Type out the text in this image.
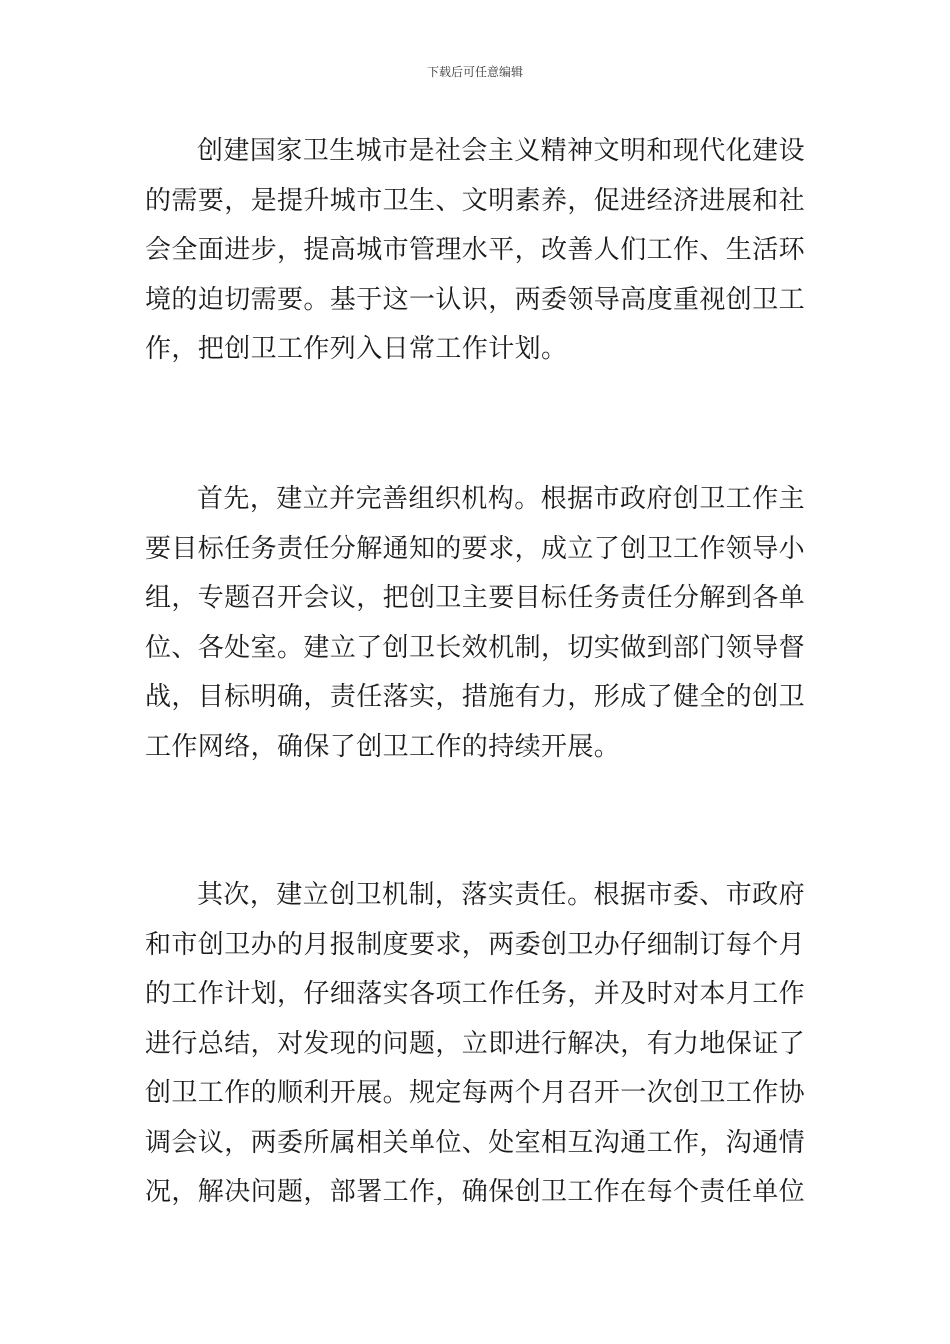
下载后可任意编辑

创建国家卫生城市是社会主义精神文明和现代化建设的需要，是提升城市卫生、文明素养，促进经济进展和社会全面进步，提高城市管理水平，改善人们工作、生活环境的迫切需要。基于这一认识，两委领导高度重视创卫工作，把创卫工作列入日常工作计划。

首先，建立并完善组织机构。根据市政府创卫工作主要目标任务责任分解通知的要求，成立了创卫工作领导小组，专题召开会议，把创卫主要目标任务责任分解到各单位、各处室。建立了创卫长效机制，切实做到部门领导督战，目标明确，责任落实，措施有力，形成了健全的创卫工作网络，确保了创卫工作的持续开展。

其次，建立创卫机制，落实责任。根据市委、市政府和市创卫办的月报制度要求，两委创卫办仔细制订每个月的工作计划，仔细落实各项工作任务，并及时对本月工作进行总结，对发现的问题，立即进行解决，有力地保证了创卫工作的顺利开展。规定每两个月召开一次创卫工作协调会议，两委所属相关单位、处室相互沟通工作，沟通情况，解决问题，部署工作，确保创卫工作在每个责任单位
